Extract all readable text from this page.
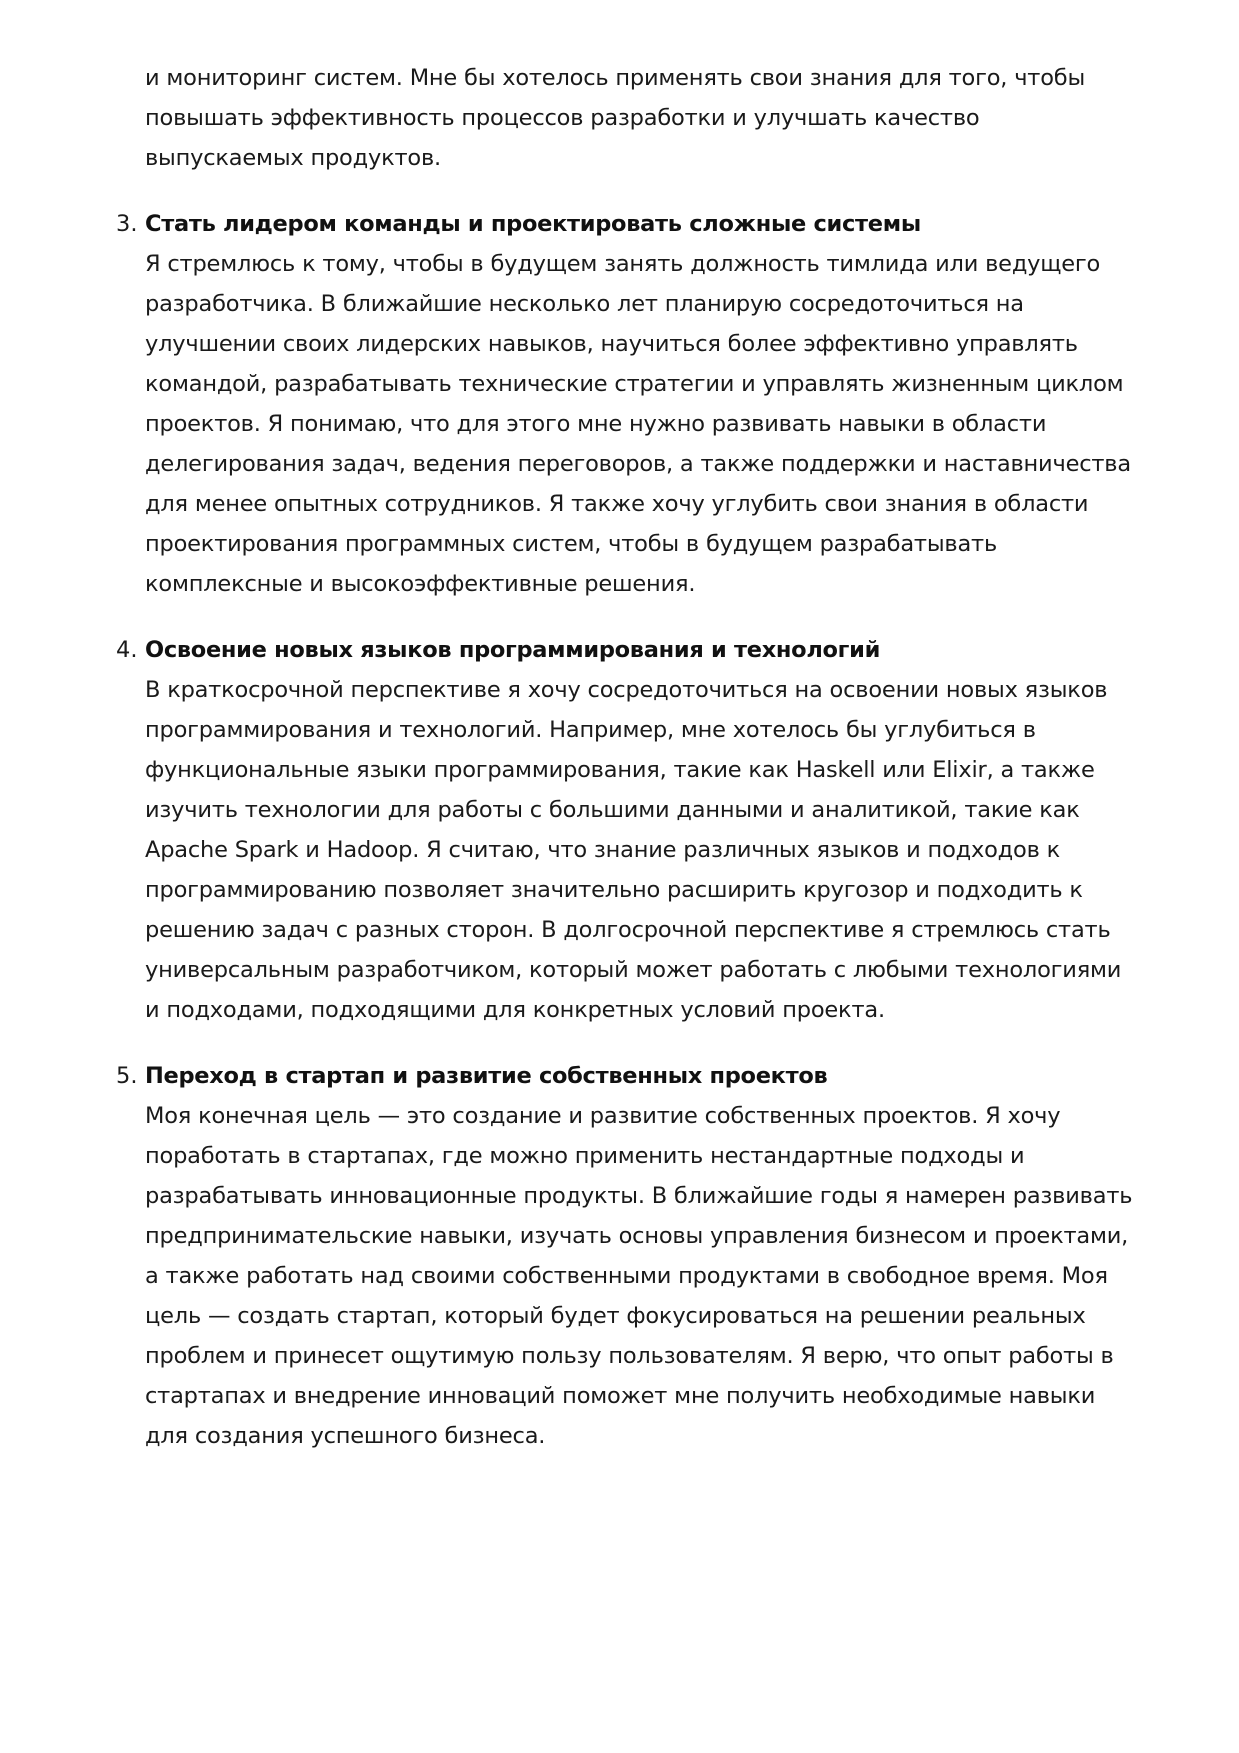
и мониторинг систем. Мне бы хотелось применять свои знания для того, чтобы повышать эффективность процессов разработки и улучшать качество выпускаемых продуктов.

3. Стать лидером команды и проектировать сложные системы
Я стремлюсь к тому, чтобы в будущем занять должность тимлида или ведущего разработчика. В ближайшие несколько лет планирую сосредоточиться на улучшении своих лидерских навыков, научиться более эффективно управлять командой, разрабатывать технические стратегии и управлять жизненным циклом проектов. Я понимаю, что для этого мне нужно развивать навыки в области делегирования задач, ведения переговоров, а также поддержки и наставничества для менее опытных сотрудников. Я также хочу углубить свои знания в области проектирования программных систем, чтобы в будущем разрабатывать комплексные и высокоэффективные решения.
4. Освоение новых языков программирования и технологий
В краткосрочной перспективе я хочу сосредоточиться на освоении новых языков программирования и технологий. Например, мне хотелось бы углубиться в функциональные языки программирования, такие как Haskell или Elixir, а также изучить технологии для работы с большими данными и аналитикой, такие как Apache Spark и Hadoop. Я считаю, что знание различных языков и подходов к программированию позволяет значительно расширить кругозор и подходить к решению задач с разных сторон. В долгосрочной перспективе я стремлюсь стать универсальным разработчиком, который может работать с любыми технологиями и подходами, подходящими для конкретных условий проекта.
5. Переход в стартап и развитие собственных проектов
Моя конечная цель — это создание и развитие собственных проектов. Я хочу поработать в стартапах, где можно применить нестандартные подходы и разрабатывать инновационные продукты. В ближайшие годы я намерен развивать предпринимательские навыки, изучать основы управления бизнесом и проектами, а также работать над своими собственными продуктами в свободное время. Моя цель — создать стартап, который будет фокусироваться на решении реальных проблем и принесет ощутимую пользу пользователям. Я верю, что опыт работы в стартапах и внедрение инноваций поможет мне получить необходимые навыки для создания успешного бизнеса.
